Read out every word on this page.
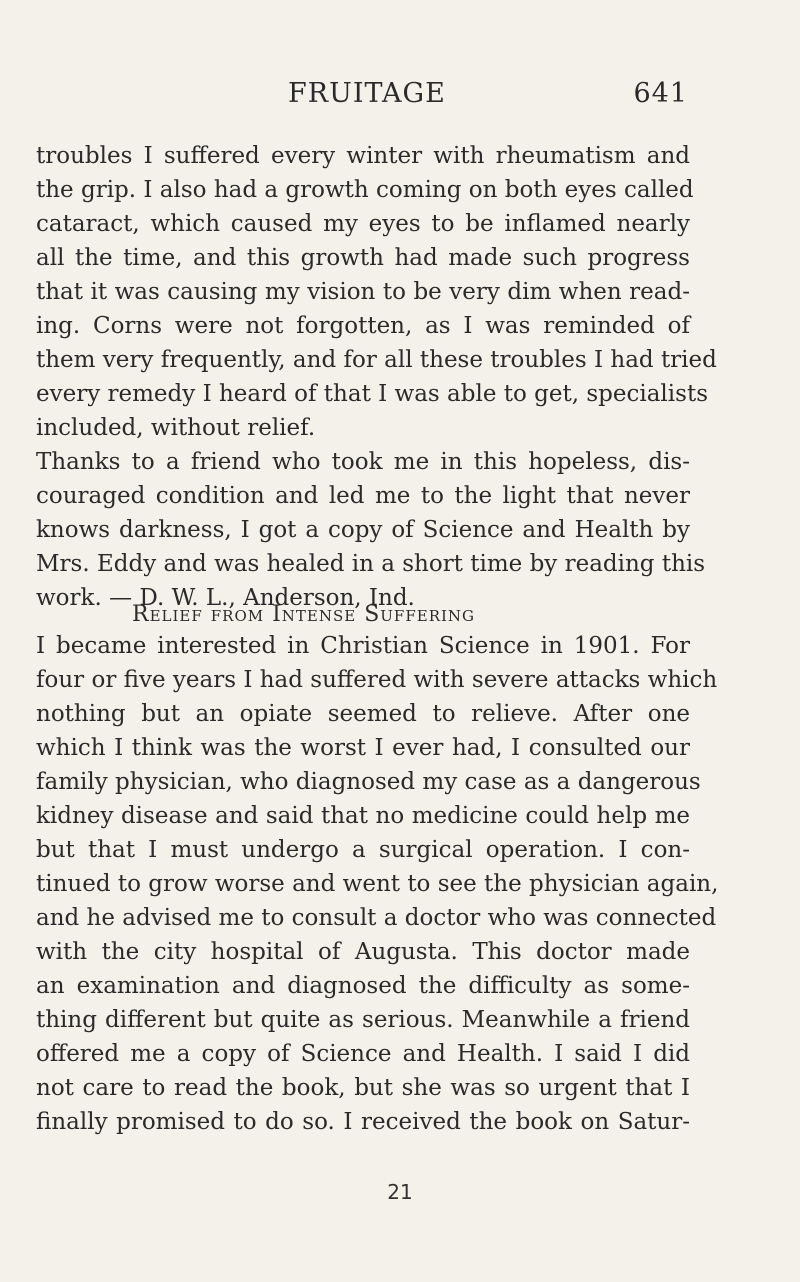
FRUITAGE	641
troubles I suffered every winter with rheumatism and
the grip. I also had a growth coming on both eyes called
cataract, which caused my eyes to be inflamed nearly
all the time, and this growth had made such progress
that it was causing my vision to be very dim when read-
ing. Corns were not forgotten, as I was reminded of
them very frequently, and for all these troubles I had tried
every remedy I heard of that I was able to get, specialists
included, without relief.
Thanks to a friend who took me in this hopeless, dis-
couraged condition and led me to the light that never
knows darkness, I got a copy of Science and Health by
Mrs. Eddy and was healed in a short time by reading this
work. — D. W. L., Anderson, Ind.
Relief from Intense Suffering
I became interested in Christian Science in 1901. For
four or five years I had suffered with severe attacks which
nothing but an opiate seemed to relieve. After one
which I think was the worst I ever had, I consulted our
family physician, who diagnosed my case as a dangerous
kidney disease and said that no medicine could help me
but that I must undergo a surgical operation. I con-
tinued to grow worse and went to see the physician again,
and he advised me to consult a doctor who was connected
with the city hospital of Augusta. This doctor made
an examination and diagnosed the difficulty as some-
thing different but quite as serious. Meanwhile a friend
offered me a copy of Science and Health. I said I did
not care to read the book, but she was so urgent that I
finally promised to do so. I received the book on Satur-
21
